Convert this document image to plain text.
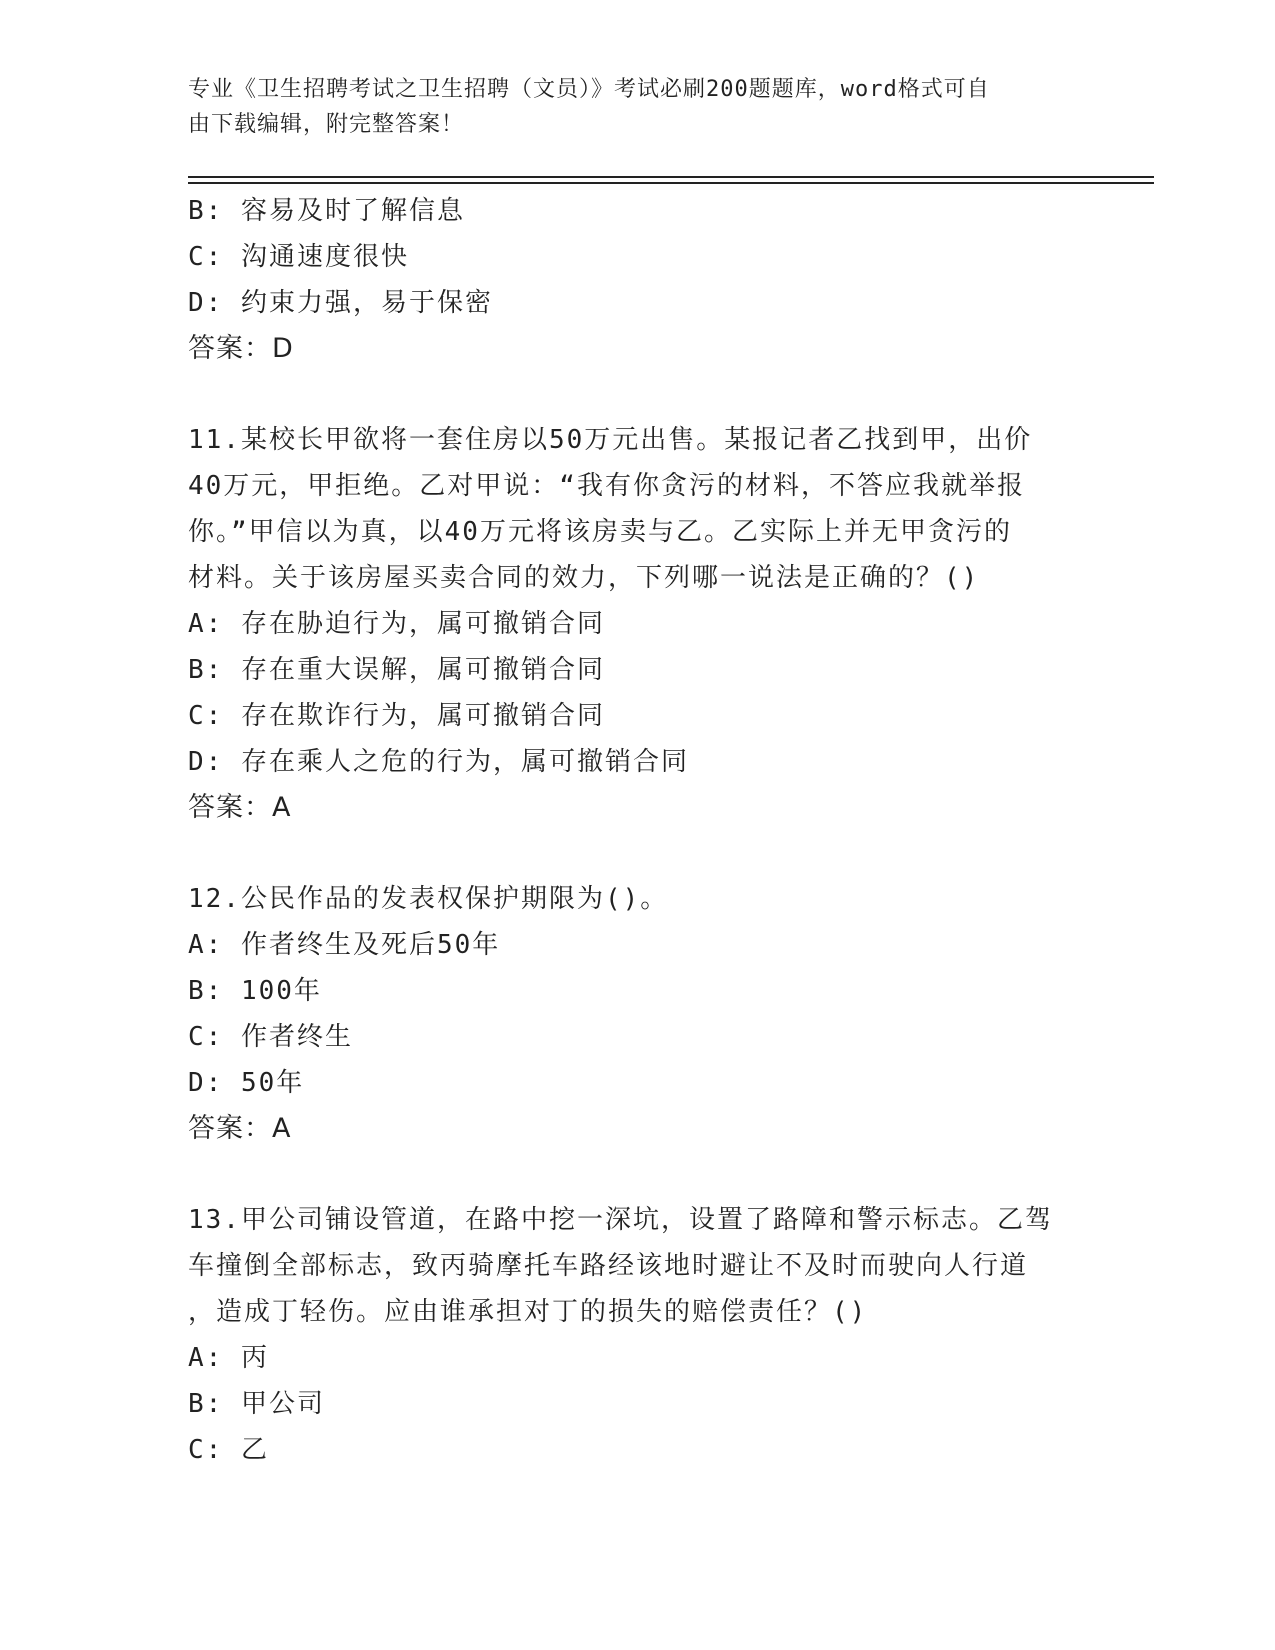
专业《卫生招聘考试之卫生招聘（文员）》考试必刷200题题库，word格式可自
由下载编辑，附完整答案！
B: 容易及时了解信息
C: 沟通速度很快
D: 约束力强，易于保密
答案：D
11.某校长甲欲将一套住房以50万元出售。某报记者乙找到甲，出价
40万元，甲拒绝。乙对甲说：“我有你贪污的材料，不答应我就举报
你。”甲信以为真，以40万元将该房卖与乙。乙实际上并无甲贪污的
材料。关于该房屋买卖合同的效力，下列哪一说法是正确的？()
A: 存在胁迫行为，属可撤销合同
B: 存在重大误解，属可撤销合同
C: 存在欺诈行为，属可撤销合同
D: 存在乘人之危的行为，属可撤销合同
答案：A
12.公民作品的发表权保护期限为()。
A: 作者终生及死后50年
B: 100年
C: 作者终生
D: 50年
答案：A
13.甲公司铺设管道，在路中挖一深坑，设置了路障和警示标志。乙驾
车撞倒全部标志，致丙骑摩托车路经该地时避让不及时而驶向人行道
，造成丁轻伤。应由谁承担对丁的损失的赔偿责任？()
A: 丙
B: 甲公司
C: 乙
